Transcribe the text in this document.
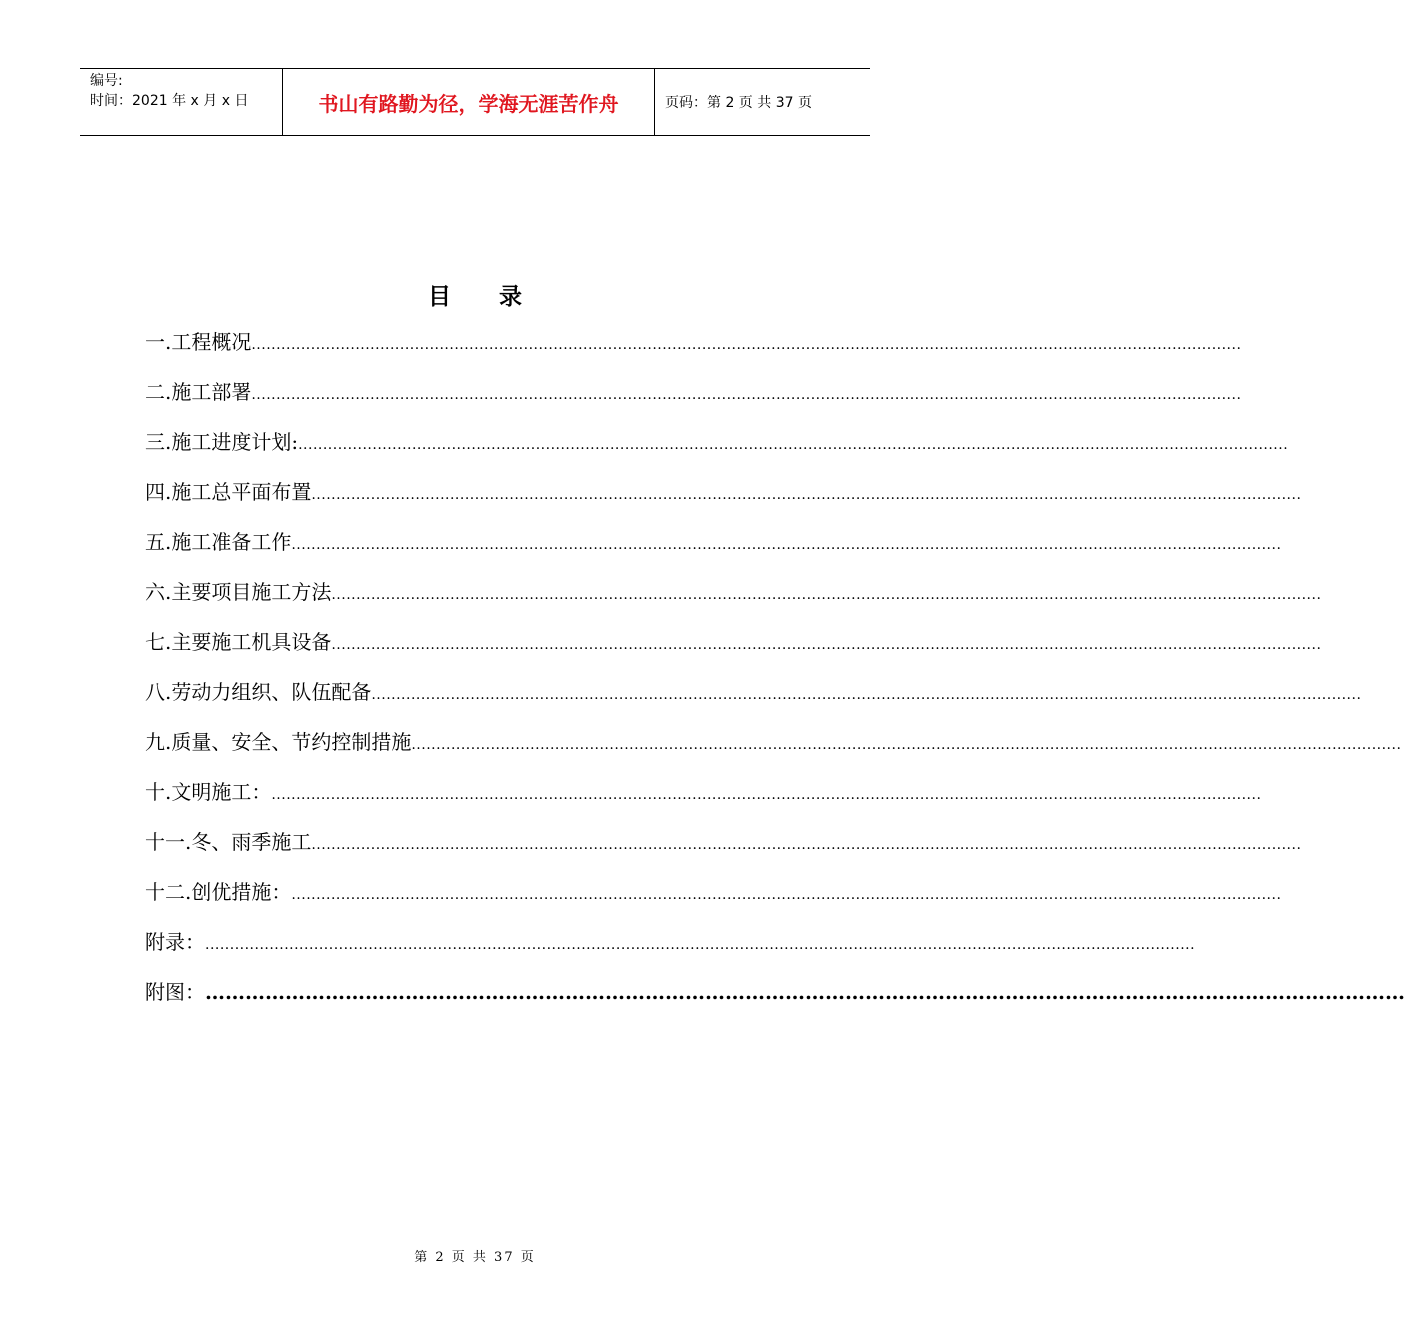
编号:
时间：2021 年 x 月 x 日	书山有路勤为径，学海无涯苦作舟	页码：第 2 页 共 37 页
目 录
一. 工程概况 ........................................................................................................................................................................................................
二. 施工部署 ........................................................................................................................................................................................................
三. 施工进度计划: ........................................................................................................................................................................................................
四. 施工总平面布置 ........................................................................................................................................................................................................
五. 施工准备工作 ........................................................................................................................................................................................................
六. 主要项目施工方法 ........................................................................................................................................................................................................
七. 主要施工机具设备 ........................................................................................................................................................................................................
八. 劳动力组织、队伍配备 ........................................................................................................................................................................................................
九. 质量、安全、节约控制措施 ........................................................................................................................................................................................................
十. 文明施工： ........................................................................................................................................................................................................
十一. 冬、雨季施工 ........................................................................................................................................................................................................
十二. 创优措施： ........................................................................................................................................................................................................
附录： ........................................................................................................................................................................................................
附图： ………………………………………………………………………………………………………………………………………………………………
第 2 页 共 37 页
